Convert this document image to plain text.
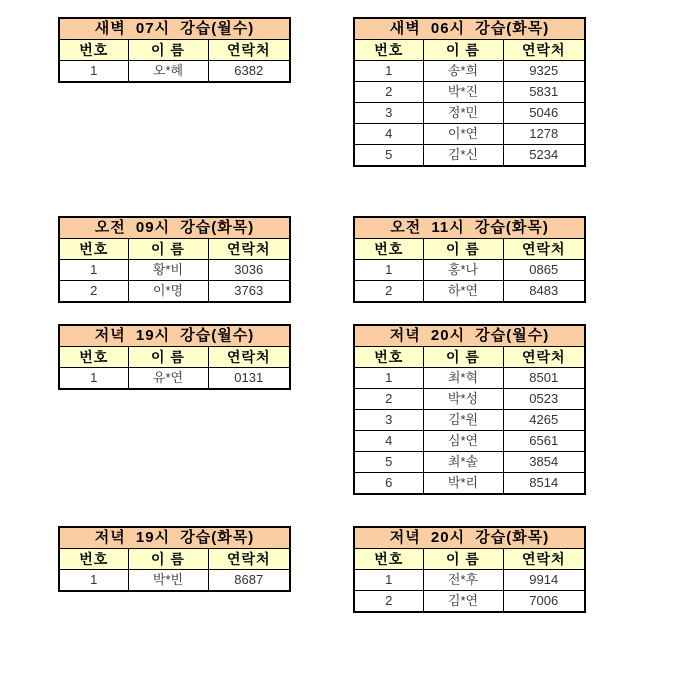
새벽 07시 강습(월수)		
번호	이 름	연락처
1	오*혜	6382
새벽 06시 강습(화목)		
번호	이 름	연락처
1	송*희	9325
2	박*진	5831
3	정*민	5046
4	이*연	1278
5	김*신	5234
오전 09시 강습(화목)		
번호	이 름	연락처
1	황*비	3036
2	이*명	3763
오전 11시 강습(화목)		
번호	이 름	연락처
1	홍*나	0865
2	하*연	8483
저녁 19시 강습(월수)		
번호	이 름	연락처
1	유*연	0131
저녁 20시 강습(월수)		
번호	이 름	연락처
1	최*혁	8501
2	박*성	0523
3	김*원	4265
4	심*연	6561
5	최*솔	3854
6	박*리	8514
저녁 19시 강습(화목)		
번호	이 름	연락처
1	박*빈	8687
저녁 20시 강습(화목)		
번호	이 름	연락처
1	전*후	9914
2	김*연	7006
